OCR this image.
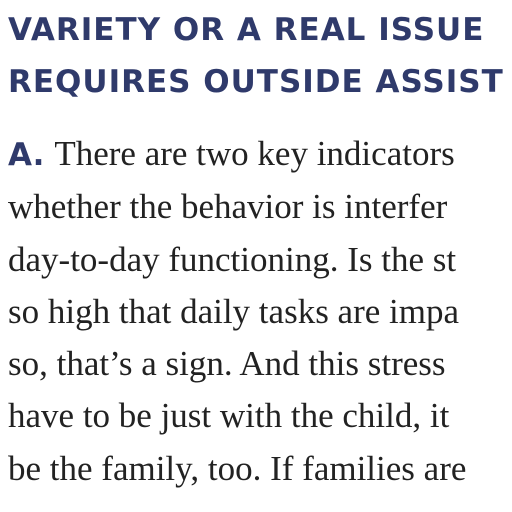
VARIETY OR A REAL ISSUE
REQUIRES OUTSIDE ASSIST
A. There are two key indicators
whether the behavior is interfer
day-to-day functioning. Is the st
so high that daily tasks are impa
so, that’s a sign. And this stress
have to be just with the child, it
be the family, too. If families are
